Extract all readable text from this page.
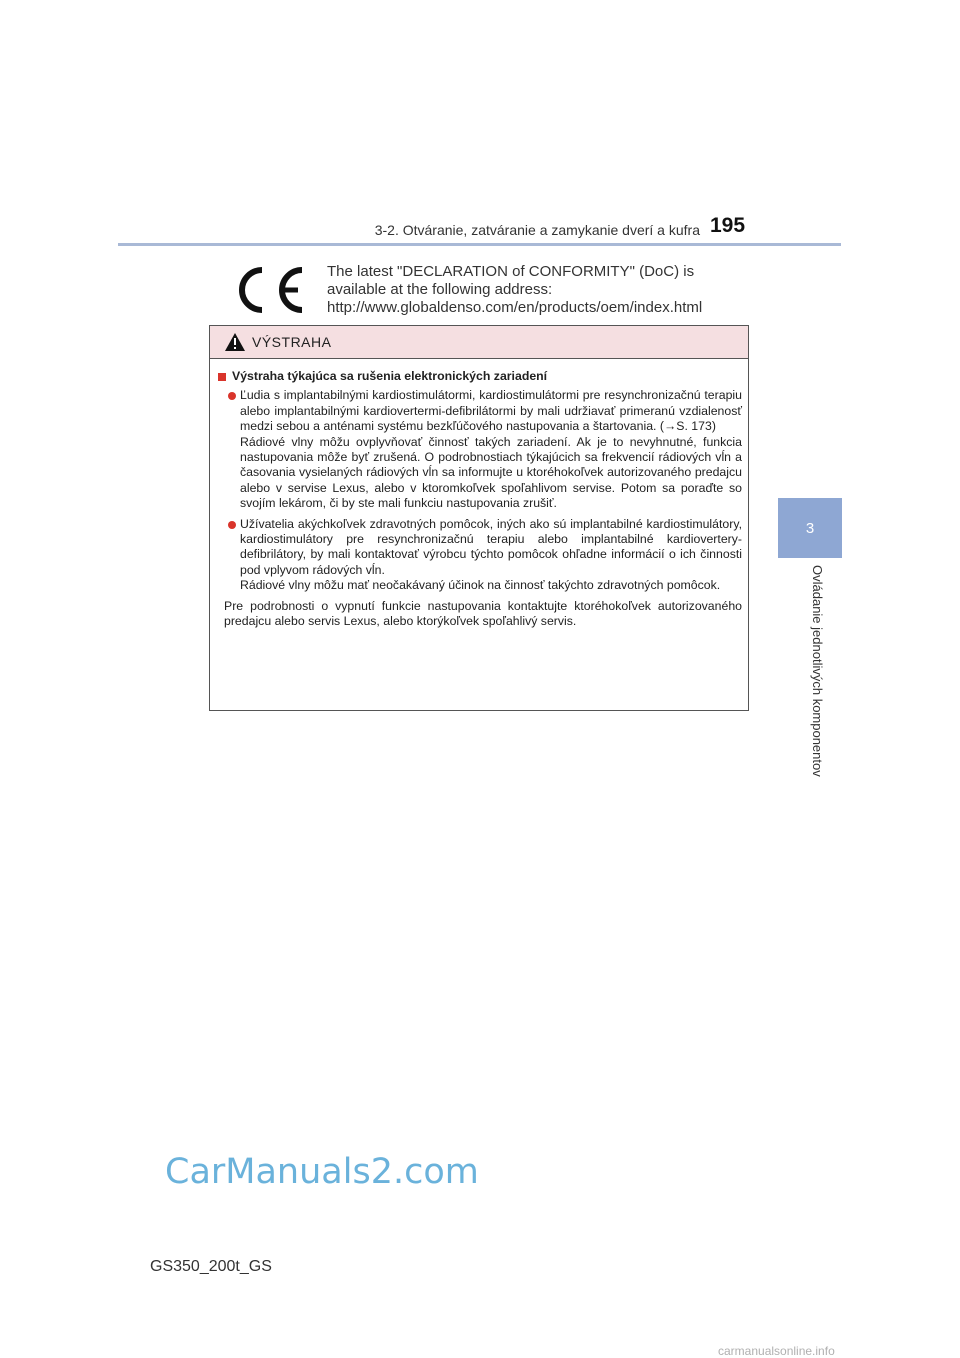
3-2. Otváranie, zatváranie a zamykanie dverí a kufra 195
3
Ovládanie jednotlivých komponentov
The latest "DECLARATION of CONFORMITY" (DoC) is
available at the following address:
http://www.globaldenso.com/en/products/oem/index.html
VÝSTRAHA
Výstraha týkajúca sa rušenia elektronických zariadení

Ľudia s implantabilnými kardiostimulátormi, kardiostimulátormi pre resynchronizačnú terapiu alebo implantabilnými kardiovertermi-defibrilátormi by mali udržiavať primeranú vzdialenosť medzi sebou a anténami systému bezkľúčového nastupovania a štartovania. (→S. 173)

Rádiové vlny môžu ovplyvňovať činnosť takých zariadení. Ak je to nevyhnutné, funkcia nastupovania môže byť zrušená. O podrobnostiach týkajúcich sa frekvencií rádiových vĺn a časovania vysielaných rádiových vĺn sa informujte u ktoréhokoľvek autorizovaného predajcu alebo v servise Lexus, alebo v ktoromkoľvek spoľahlivom servise. Potom sa poraďte so svojím lekárom, či by ste mali funkciu nastupovania zrušiť.

Užívatelia akýchkoľvek zdravotných pomôcok, iných ako sú implantabilné kardiostimulátory, kardiostimulátory pre resynchronizačnú terapiu alebo implantabilné kardiovertery-defibrilátory, by mali kontaktovať výrobcu týchto pomôcok ohľadne informácií o ich činnosti pod vplyvom rádových vĺn.

Rádiové vlny môžu mať neočakávaný účinok na činnosť takýchto zdravotných pomôcok.

Pre podrobnosti o vypnutí funkcie nastupovania kontaktujte ktoréhokoľvek autorizovaného predajcu alebo servis Lexus, alebo ktorýkoľvek spoľahlivý servis.
CarManuals2.com
GS350_200t_GS
carmanualsonline.info
